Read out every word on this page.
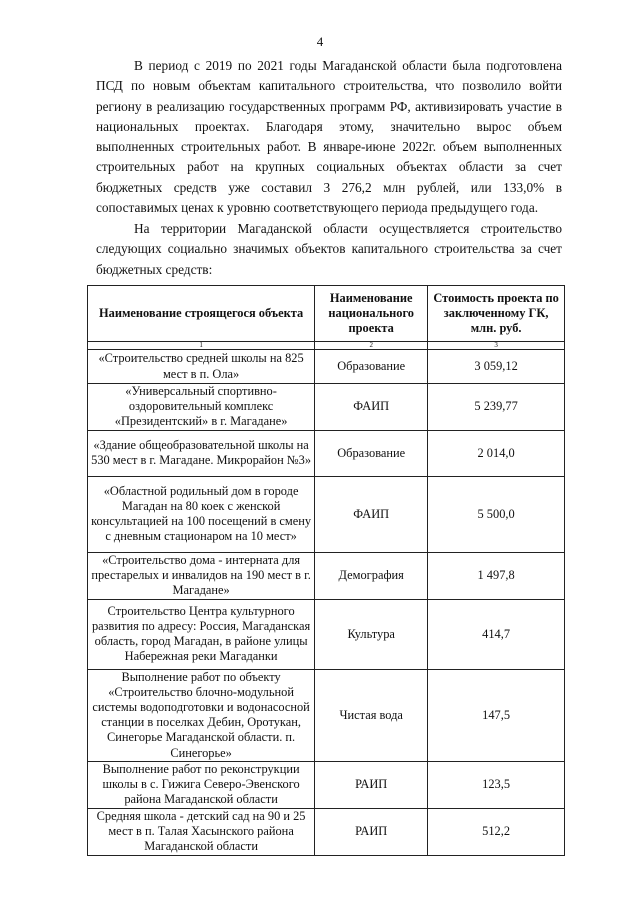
4

В период с 2019 по 2021 годы Магаданской области была подготовлена ПСД по новым объектам капитального строительства, что позволило войти региону в реализацию государственных программ РФ, активизировать участие в национальных проектах. Благодаря этому, значительно вырос объем выполненных строительных работ. В январе-июне 2022г. объем выполненных строительных работ на крупных социальных объектах области за счет бюджетных средств уже составил 3 276,2 млн рублей, или 133,0% в сопоставимых ценах к уровню соответствующего периода предыдущего года.

На территории Магаданской области осуществляется строительство следующих социально значимых объектов капитального строительства за счет бюджетных средств:

Наименование строящегося объекта	Наименование национального проекта	Стоимость проекта по заключенному ГК, млн. руб.
1	2	3
«Строительство средней школы на 825 мест в п. Ола»	Образование	3 059,12
«Универсальный спортивно-оздоровительный комплекс «Президентский» в г. Магадане»	ФАИП	5 239,77
«Здание общеобразовательной школы на 530 мест в г. Магадане. Микрорайон №3»	Образование	2 014,0
«Областной родильный дом в городе Магадан на 80 коек с женской консультацией на 100 посещений в смену с дневным стационаром на 10 мест»	ФАИП	5 500,0
«Строительство дома - интерната для престарелых и инвалидов на 190 мест в г. Магадане»	Демография	1 497,8
Строительство Центра культурного развития по адресу: Россия, Магаданская область, город Магадан, в районе улицы Набережная реки Магаданки	Культура	414,7
Выполнение работ по объекту «Строительство блочно-модульной системы водоподготовки и водонасосной станции в поселках Дебин, Оротукан, Синегорье Магаданской области. п. Синегорье»	Чистая вода	147,5
Выполнение работ по реконструкции школы в с. Гижига Северо-Эвенского района Магаданской области	РАИП	123,5
Средняя школа - детский сад на 90 и 25 мест в п. Талая Хасынского района Магаданской области	РАИП	512,2
